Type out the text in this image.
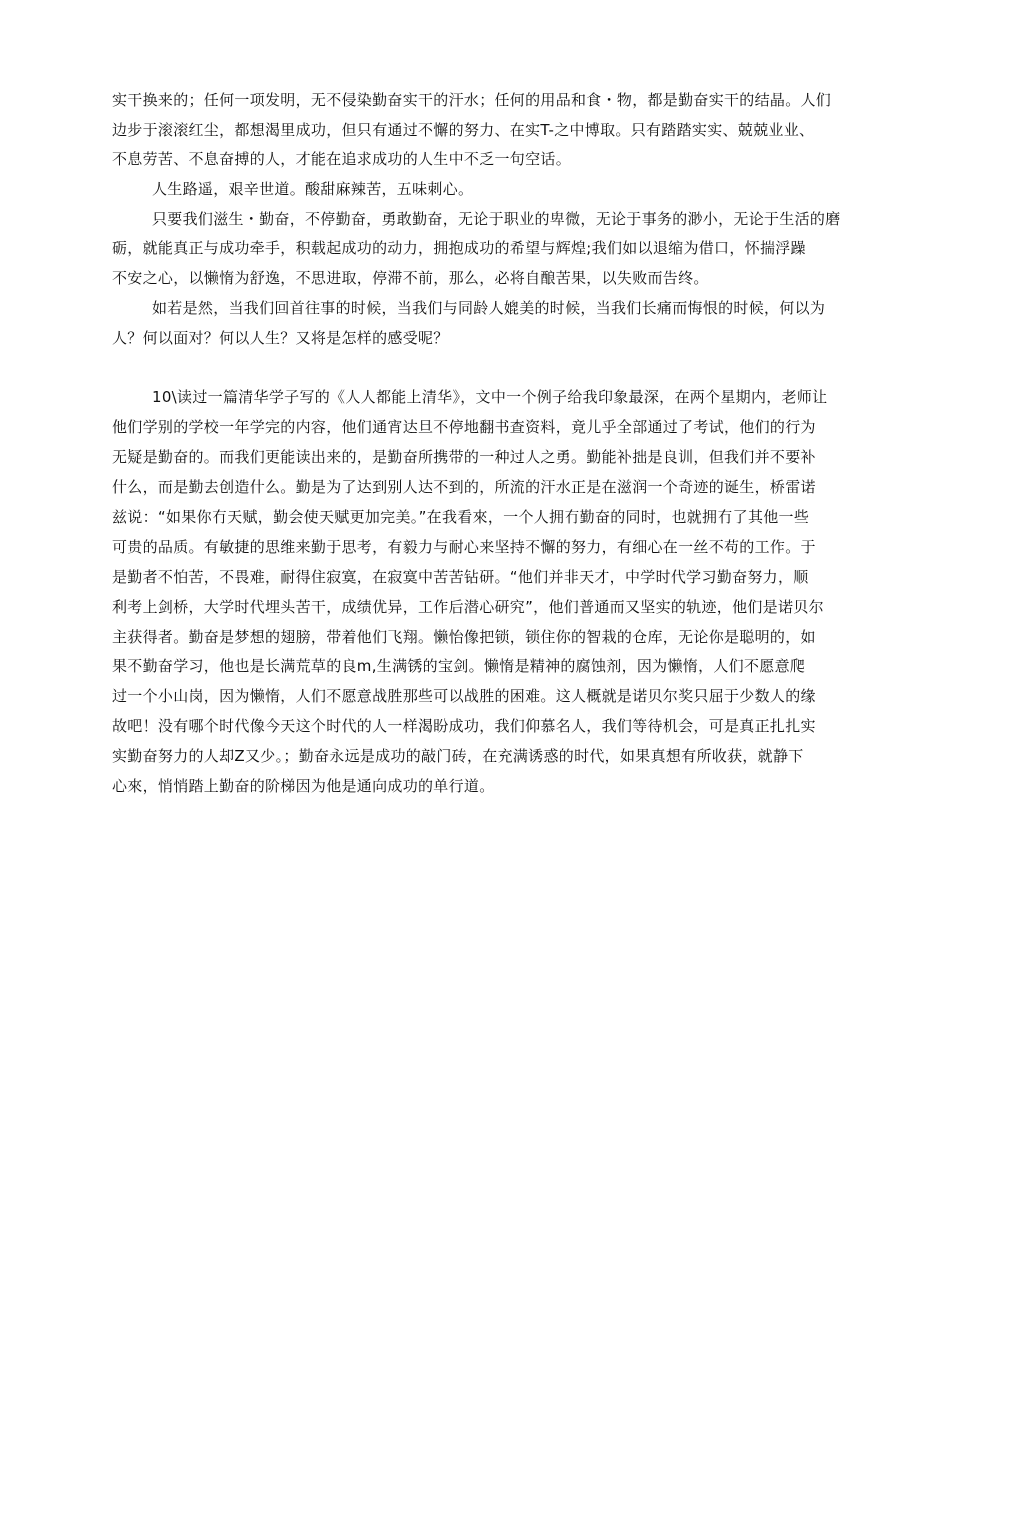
实干换来的；任何一项发明，无不侵染勤奋实干的汗水；任何的用品和食・物，都是勤奋实干的结晶。人们
边步于滚滚红尘，都想渴里成功，但只有通过不懈的努力、在实T-之中博取。只有踏踏实实、兢兢业业、
不息劳苦、不息奋搏的人，才能在追求成功的人生中不乏一句空话。
人生路遥，艰辛世道。酸甜麻辣苦，五味刺心。
只要我们滋生・勤奋，不停勤奋，勇敢勤奋，无论于职业的卑微，无论于事务的渺小，无论于生活的磨
砺，就能真正与成功牵手，积载起成功的动力，拥抱成功的希望与辉煌;我们如以退缩为借口，怀揣浮躁
不安之心，以懒惰为舒逸，不思进取，停滞不前，那么，必将自酿苦果，以失败而告终。
如若是然，当我们回首往事的时候，当我们与同龄人媲美的时候，当我们长痛而悔恨的时候，何以为
人？何以面对？何以人生？又将是怎样的感受呢？
10\读过一篇清华学子写的《人人都能上清华》，文中一个例子给我印象最深，在两个星期内，老师让
他们学别的学校一年学完的内容，他们通宵达旦不停地翻书查资料，竟儿乎全部通过了考试，他们的行为
无疑是勤奋的。而我们更能读出来的，是勤奋所携带的一种过人之勇。勤能补拙是良训，但我们并不要补
什么，而是勤去创造什么。勤是为了达到别人达不到的，所流的汗水正是在滋润一个奇迹的诞生，桥雷诺
兹说：“如果你冇天赋，勤会使天赋更加完美。”在我看來，一个人拥冇勤奋的同时，也就拥冇了其他一些
可贵的品质。有敏捷的思维来勤于思考，有毅力与耐心来坚持不懈的努力，有细心在一丝不苟的工作。于
是勤者不怕苦，不畏难，耐得住寂寞，在寂寞中苦苦钻研。“他们并非天才，中学时代学习勤奋努力，顺
利考上剑桥，大学时代埋头苦干，成绩优异，工作后潜心研究”，他们普通而又坚实的轨迹，他们是诺贝尔
主获得者。勤奋是梦想的翅膀，带着他们飞翔。懒怡像把锁，锁住你的智栽的仓库，无论你是聪明的，如
果不勤奋学习，他也是长满荒草的良m,生满锈的宝剑。懒惰是精神的腐蚀剂，因为懒惰，人们不愿意爬
过一个小山岗，因为懒惰，人们不愿意战胜那些可以战胜的困难。这人概就是诺贝尔奖只屈于少数人的缘
故吧！没有哪个时代像今天这个时代的人一样渴盼成功，我们仰慕名人，我们等待机会，可是真正扎扎实
实勤奋努力的人却Z又少。；勤奋永远是成功的敲门砖，在充满诱惑的时代，如果真想有所收获，就静下
心來，悄悄踏上勤奋的阶梯因为他是通向成功的单行道。
